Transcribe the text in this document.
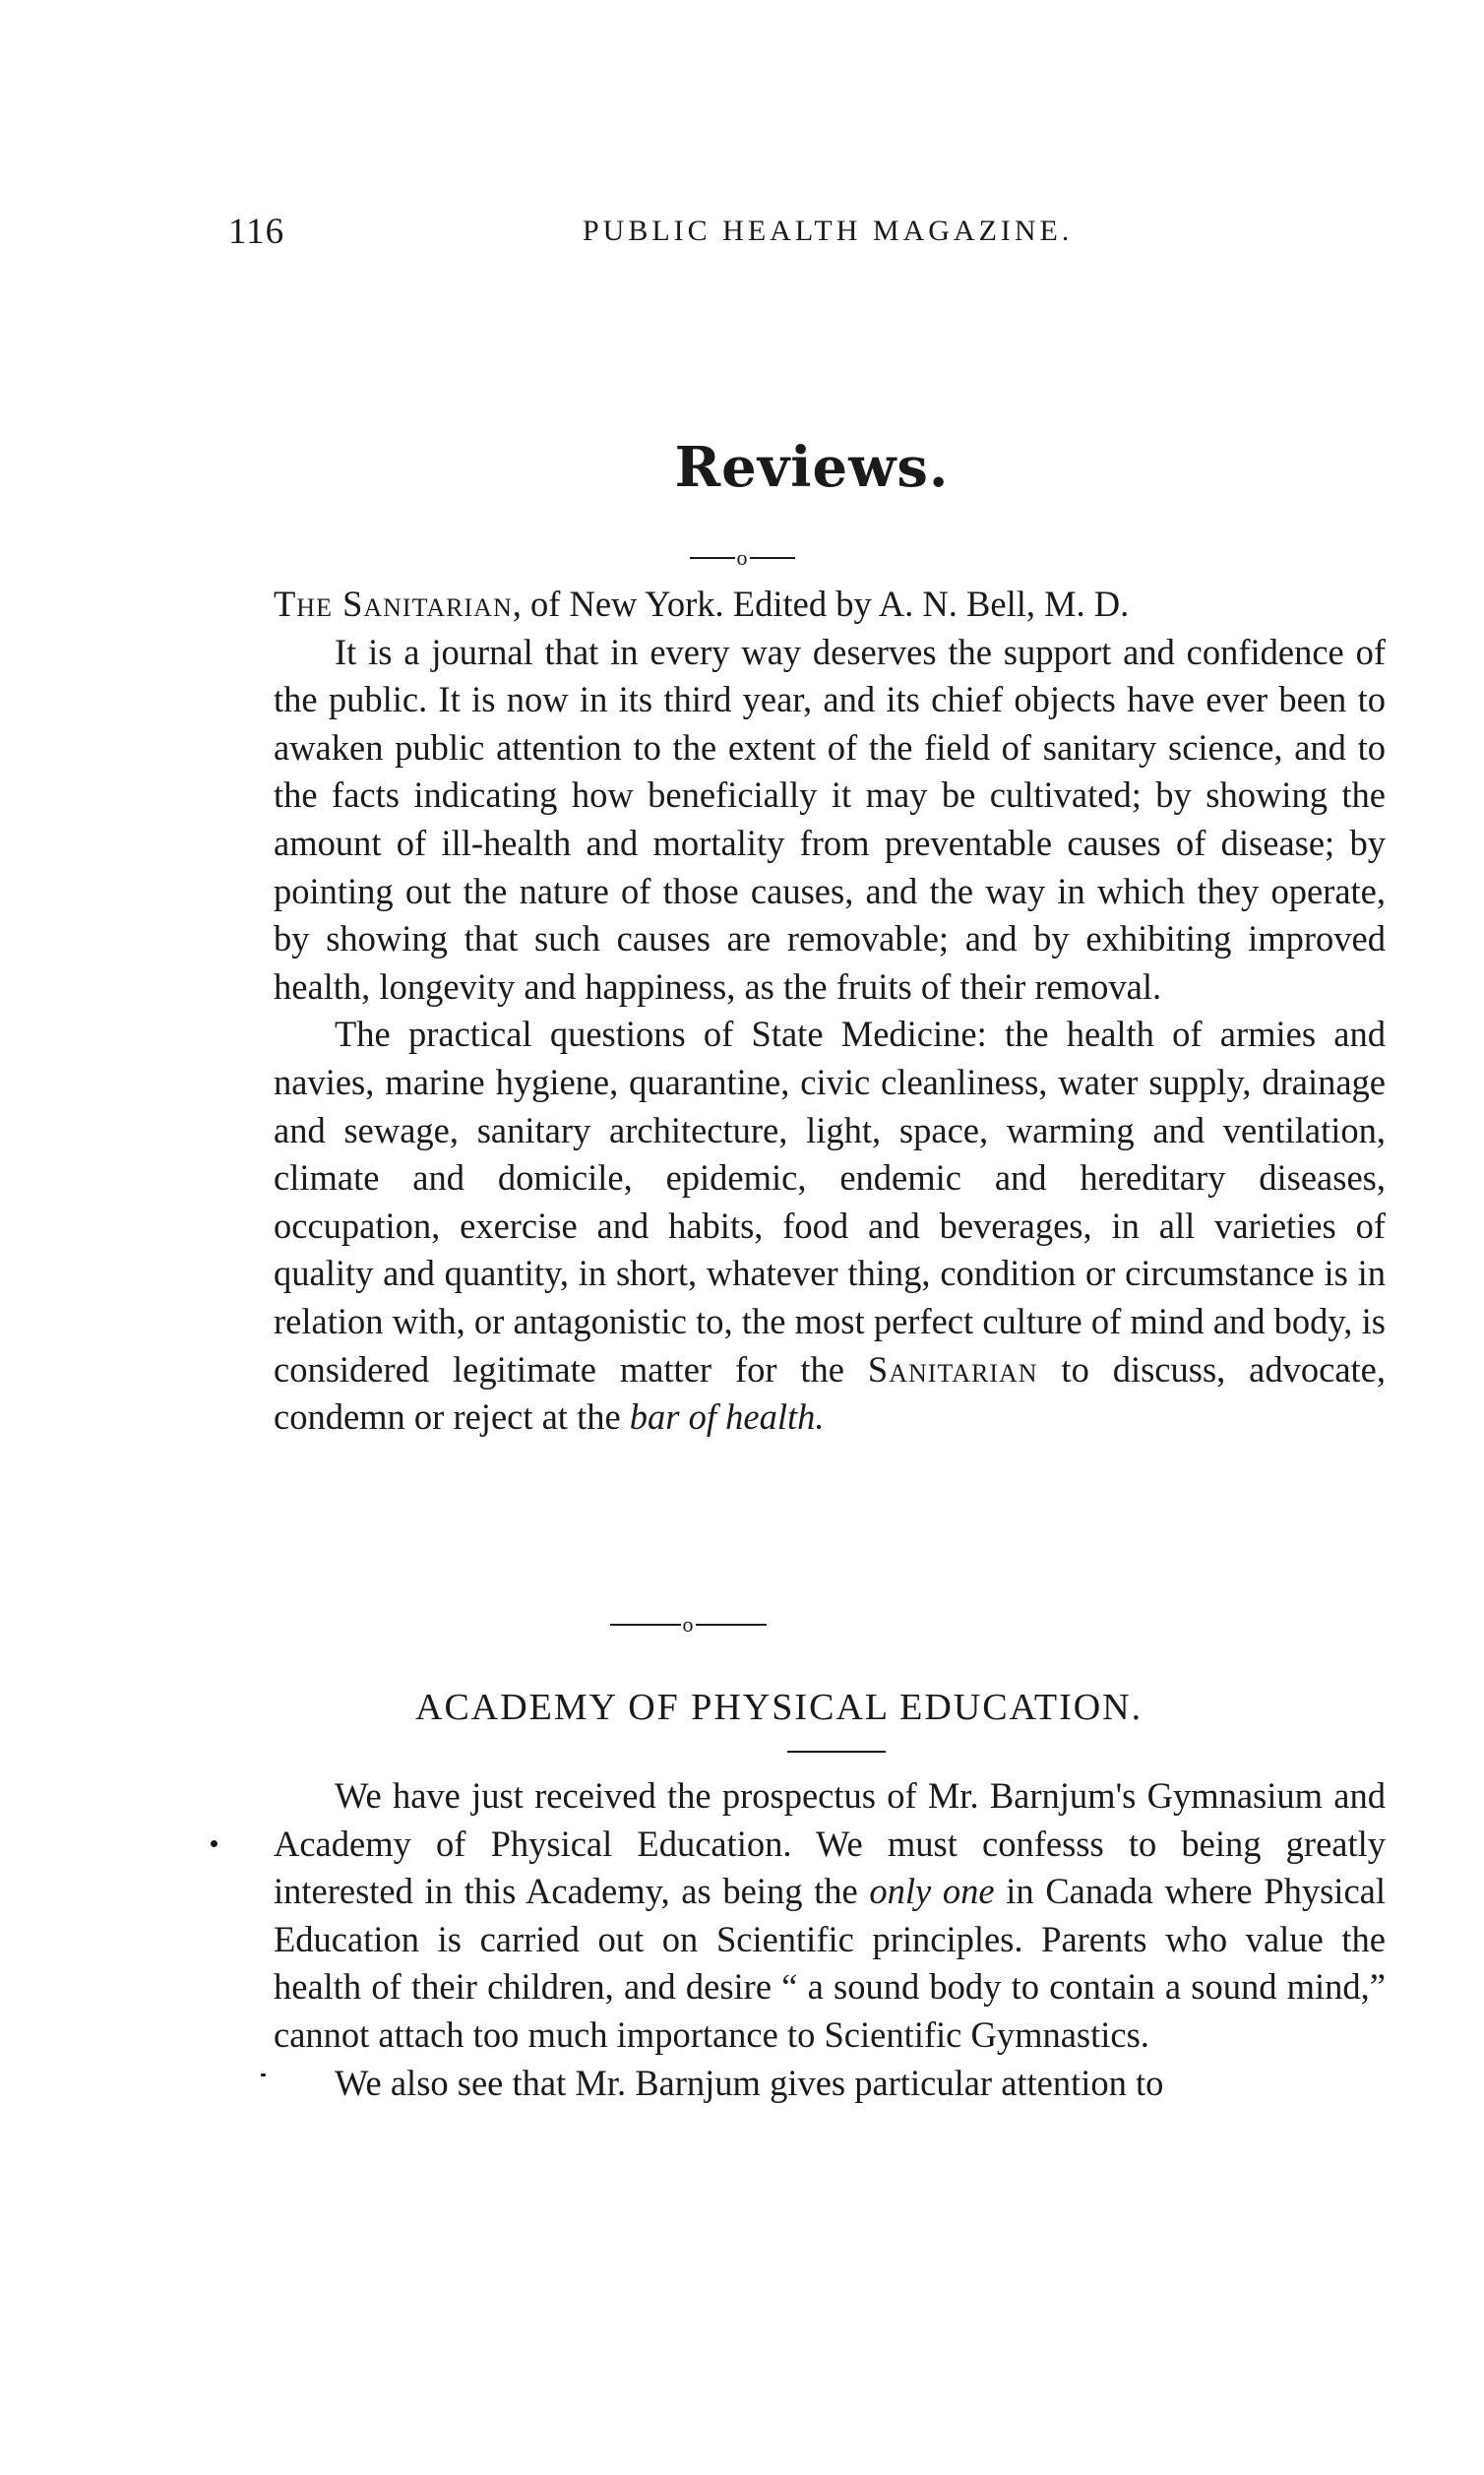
116	PUBLIC HEALTH MAGAZINE.
Reviews.
o

The Sanitarian, of New York. Edited by A. N. Bell, M. D.

It is a journal that in every way deserves the support and confidence of the public. It is now in its third year, and its chief objects have ever been to awaken public attention to the extent of the field of sanitary science, and to the facts indicating how beneficially it may be cultivated; by showing the amount of ill-health and mortality from preventable causes of disease; by pointing out the nature of those causes, and the way in which they operate, by showing that such causes are removable; and by exhibiting improved health, longevity and happiness, as the fruits of their removal.

The practical questions of State Medicine: the health of armies and navies, marine hygiene, quarantine, civic cleanliness, water supply, drainage and sewage, sanitary architecture, light, space, warming and ventilation, climate and domicile, epidemic, endemic and hereditary diseases, occupation, exercise and habits, food and beverages, in all varieties of quality and quantity, in short, whatever thing, condition or circumstance is in relation with, or antagonistic to, the most perfect culture of mind and body, is considered legitimate matter for the Sanitarian to discuss, advocate, condemn or reject at the bar of health.

o
ACADEMY OF PHYSICAL EDUCATION.

We have just received the prospectus of Mr. Barnjum's Gymnasium and Academy of Physical Education. We must confesss to being greatly interested in this Academy, as being the only one in Canada where Physical Education is carried out on Scientific principles. Parents who value the health of their children, and desire “ a sound body to contain a sound mind,” cannot attach too much importance to Scientific Gymnastics.

We also see that Mr. Barnjum gives particular attention to
